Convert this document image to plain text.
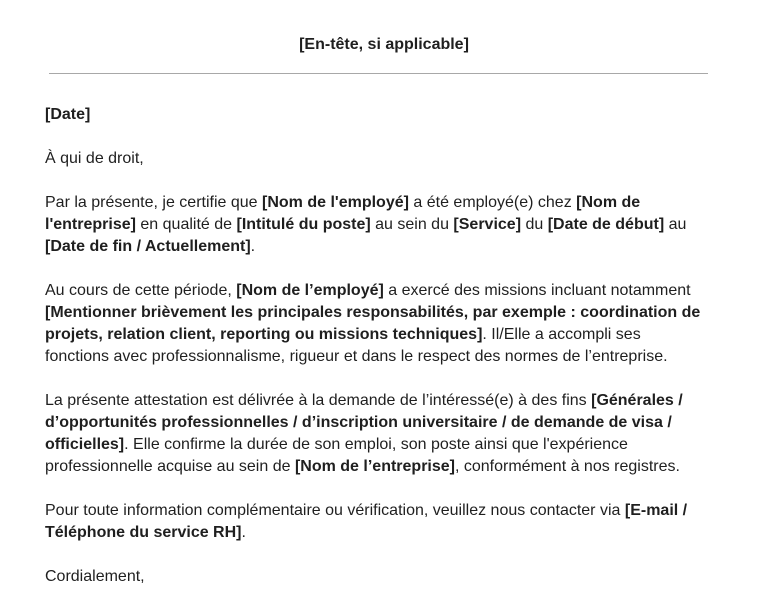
[En-tête, si applicable]

[Date]

À qui de droit,

Par la présente, je certifie que [Nom de l'employé] a été employé(e) chez [Nom de l'entreprise] en qualité de [Intitulé du poste] au sein du [Service] du [Date de début] au [Date de fin / Actuellement].

Au cours de cette période, [Nom de l’employé] a exercé des missions incluant notamment [Mentionner brièvement les principales responsabilités, par exemple : coordination de projets, relation client, reporting ou missions techniques]. Il/Elle a accompli ses fonctions avec professionnalisme, rigueur et dans le respect des normes de l’entreprise.

La présente attestation est délivrée à la demande de l’intéressé(e) à des fins [Générales / d’opportunités professionnelles / d’inscription universitaire / de demande de visa / officielles]. Elle confirme la durée de son emploi, son poste ainsi que l'expérience professionnelle acquise au sein de [Nom de l’entreprise], conformément à nos registres.

Pour toute information complémentaire ou vérification, veuillez nous contacter via [E-mail / Téléphone du service RH].

Cordialement,
